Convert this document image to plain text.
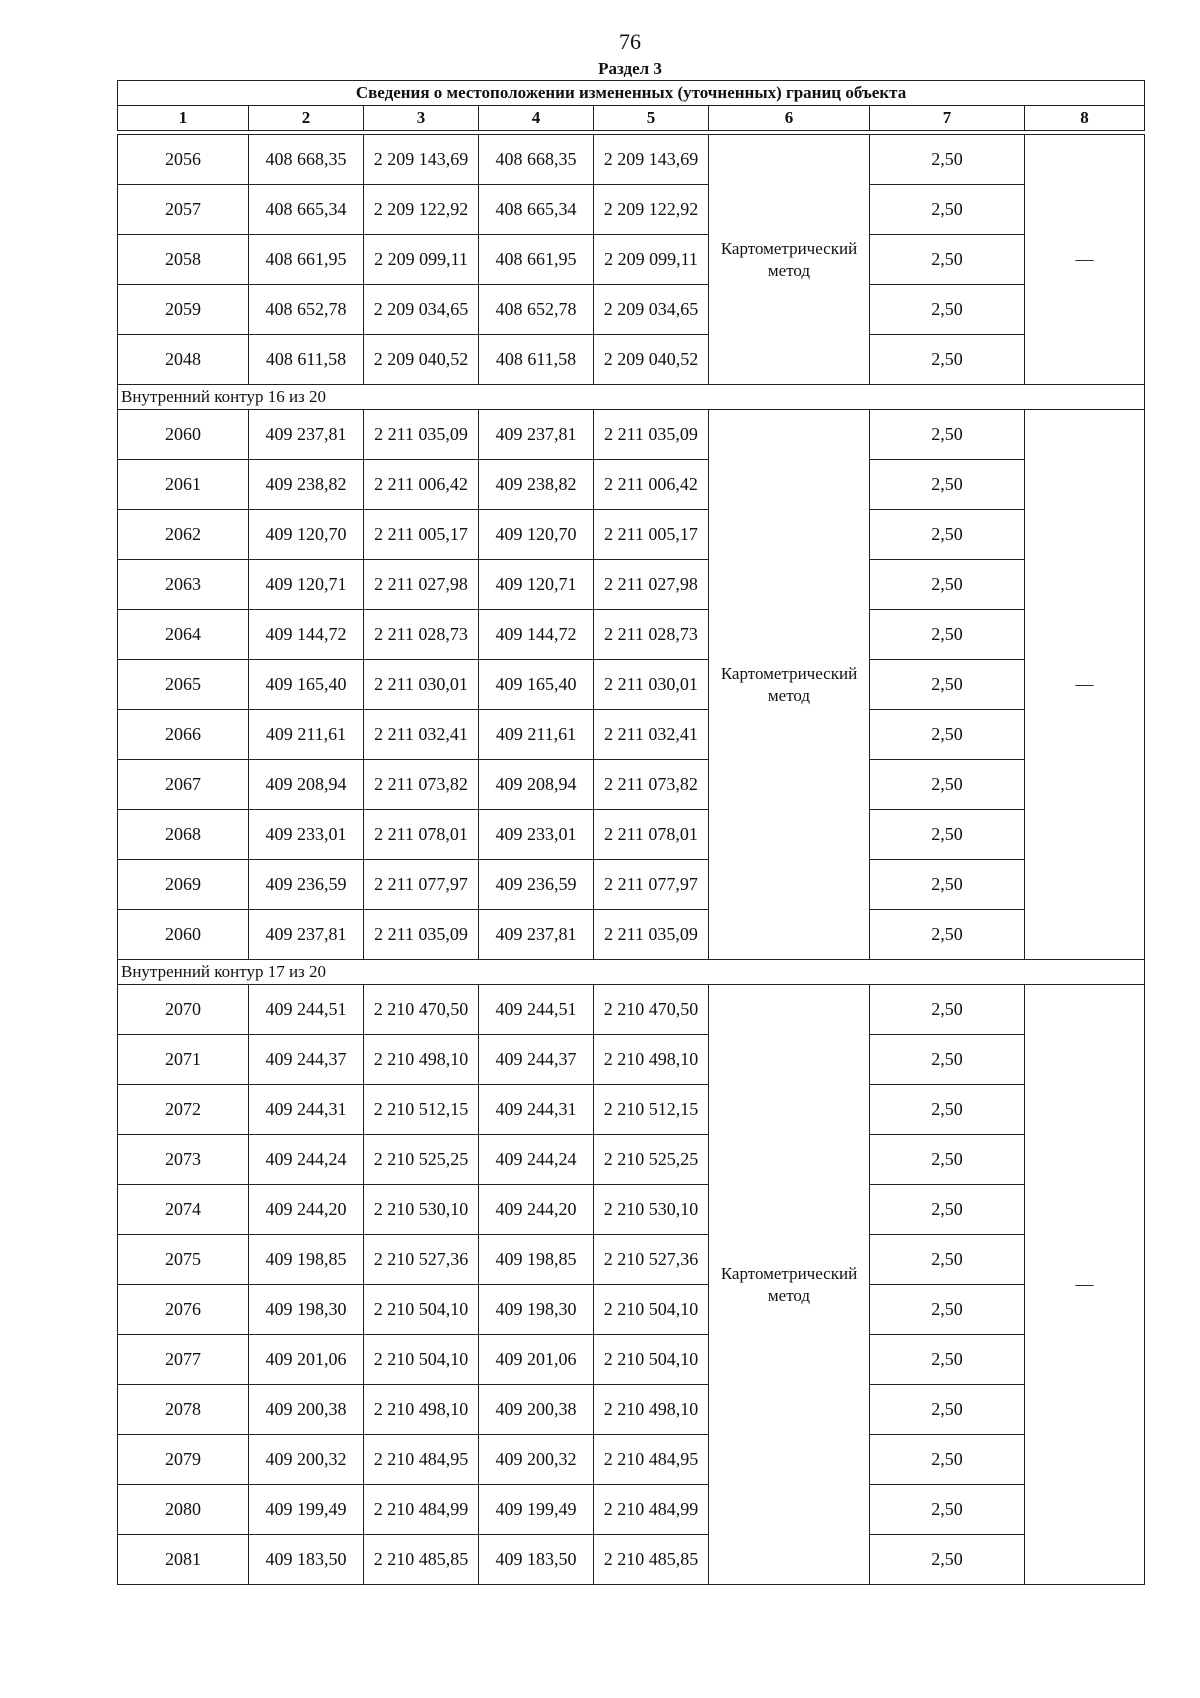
76
Раздел 3
Сведения о местоположении измененных (уточненных) границ объекта							
1	2	3	4	5	6	7	8

2056	408 668,35	2 209 143,69	408 668,35	2 209 143,69	Картометрический метод	2,50	—
2057	408 665,34	2 209 122,92	408 665,34	2 209 122,92		2,50	
2058	408 661,95	2 209 099,11	408 661,95	2 209 099,11		2,50	
2059	408 652,78	2 209 034,65	408 652,78	2 209 034,65		2,50	
2048	408 611,58	2 209 040,52	408 611,58	2 209 040,52		2,50	
Внутренний контур 16 из 20							
2060	409 237,81	2 211 035,09	409 237,81	2 211 035,09	Картометрический метод	2,50	—
2061	409 238,82	2 211 006,42	409 238,82	2 211 006,42		2,50	
2062	409 120,70	2 211 005,17	409 120,70	2 211 005,17		2,50	
2063	409 120,71	2 211 027,98	409 120,71	2 211 027,98		2,50	
2064	409 144,72	2 211 028,73	409 144,72	2 211 028,73		2,50	
2065	409 165,40	2 211 030,01	409 165,40	2 211 030,01		2,50	
2066	409 211,61	2 211 032,41	409 211,61	2 211 032,41		2,50	
2067	409 208,94	2 211 073,82	409 208,94	2 211 073,82		2,50	
2068	409 233,01	2 211 078,01	409 233,01	2 211 078,01		2,50	
2069	409 236,59	2 211 077,97	409 236,59	2 211 077,97		2,50	
2060	409 237,81	2 211 035,09	409 237,81	2 211 035,09		2,50	
Внутренний контур 17 из 20							
2070	409 244,51	2 210 470,50	409 244,51	2 210 470,50	Картометрический метод	2,50	—
2071	409 244,37	2 210 498,10	409 244,37	2 210 498,10		2,50	
2072	409 244,31	2 210 512,15	409 244,31	2 210 512,15		2,50	
2073	409 244,24	2 210 525,25	409 244,24	2 210 525,25		2,50	
2074	409 244,20	2 210 530,10	409 244,20	2 210 530,10		2,50	
2075	409 198,85	2 210 527,36	409 198,85	2 210 527,36		2,50	
2076	409 198,30	2 210 504,10	409 198,30	2 210 504,10		2,50	
2077	409 201,06	2 210 504,10	409 201,06	2 210 504,10		2,50	
2078	409 200,38	2 210 498,10	409 200,38	2 210 498,10		2,50	
2079	409 200,32	2 210 484,95	409 200,32	2 210 484,95		2,50	
2080	409 199,49	2 210 484,99	409 199,49	2 210 484,99		2,50	
2081	409 183,50	2 210 485,85	409 183,50	2 210 485,85		2,50	
